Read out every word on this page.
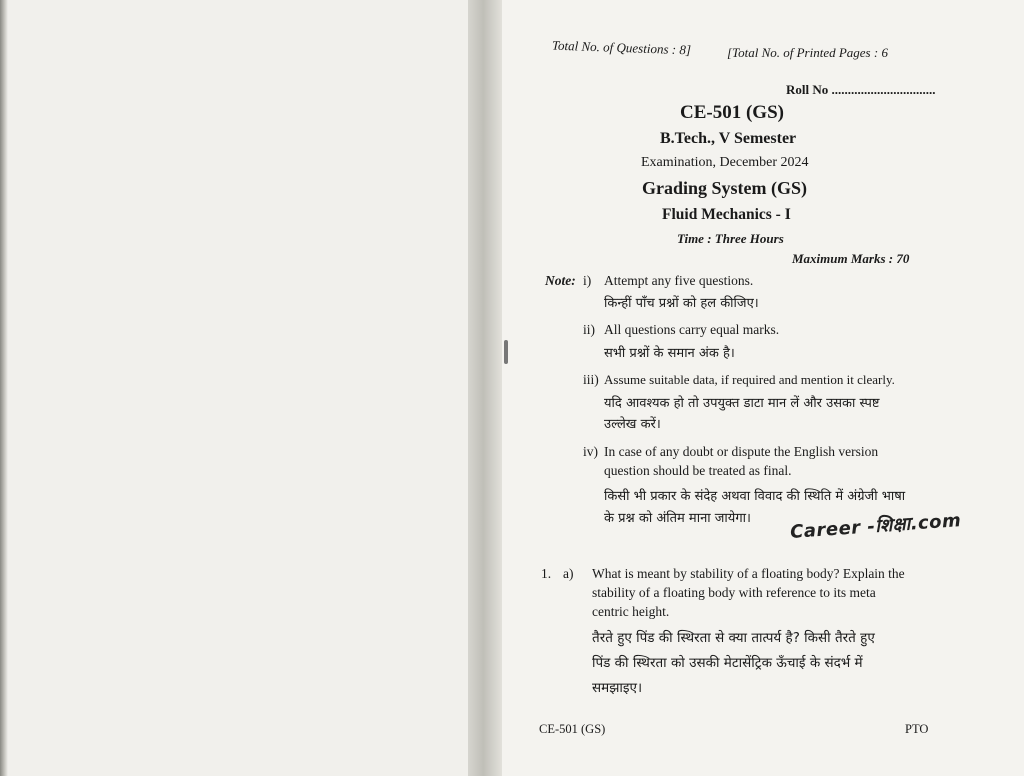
Total No. of Questions : 8]	[Total No. of Printed Pages : 6
Roll No ................................
CE-501 (GS)
B.Tech., V Semester
Examination, December 2024
Grading System (GS)
Fluid Mechanics - I
Time : Three Hours
Maximum Marks : 70
Note: i) Attempt any five questions.
किन्हीं पाँच प्रश्नों को हल कीजिए।
ii) All questions carry equal marks.
सभी प्रश्नों के समान अंक है।
iii) Assume suitable data, if required and mention it clearly.
यदि आवश्यक हो तो उपयुक्त डाटा मान लें और उसका स्पष्ट
उल्लेख करें।
iv) In case of any doubt or dispute the English version
question should be treated as final.
किसी भी प्रकार के संदेह अथवा विवाद की स्थिति में अंग्रेजी भाषा
के प्रश्न को अंतिम माना जायेगा। Career -शिक्षा.com
1. a) What is meant by stability of a floating body? Explain the
stability of a floating body with reference to its meta
centric height.
तैरते हुए पिंड की स्थिरता से क्या तात्पर्य है? किसी तैरते हुए
पिंड की स्थिरता को उसकी मेटासेंट्रिक ऊँचाई के संदर्भ में
समझाइए।
CE-501 (GS)	PTO
